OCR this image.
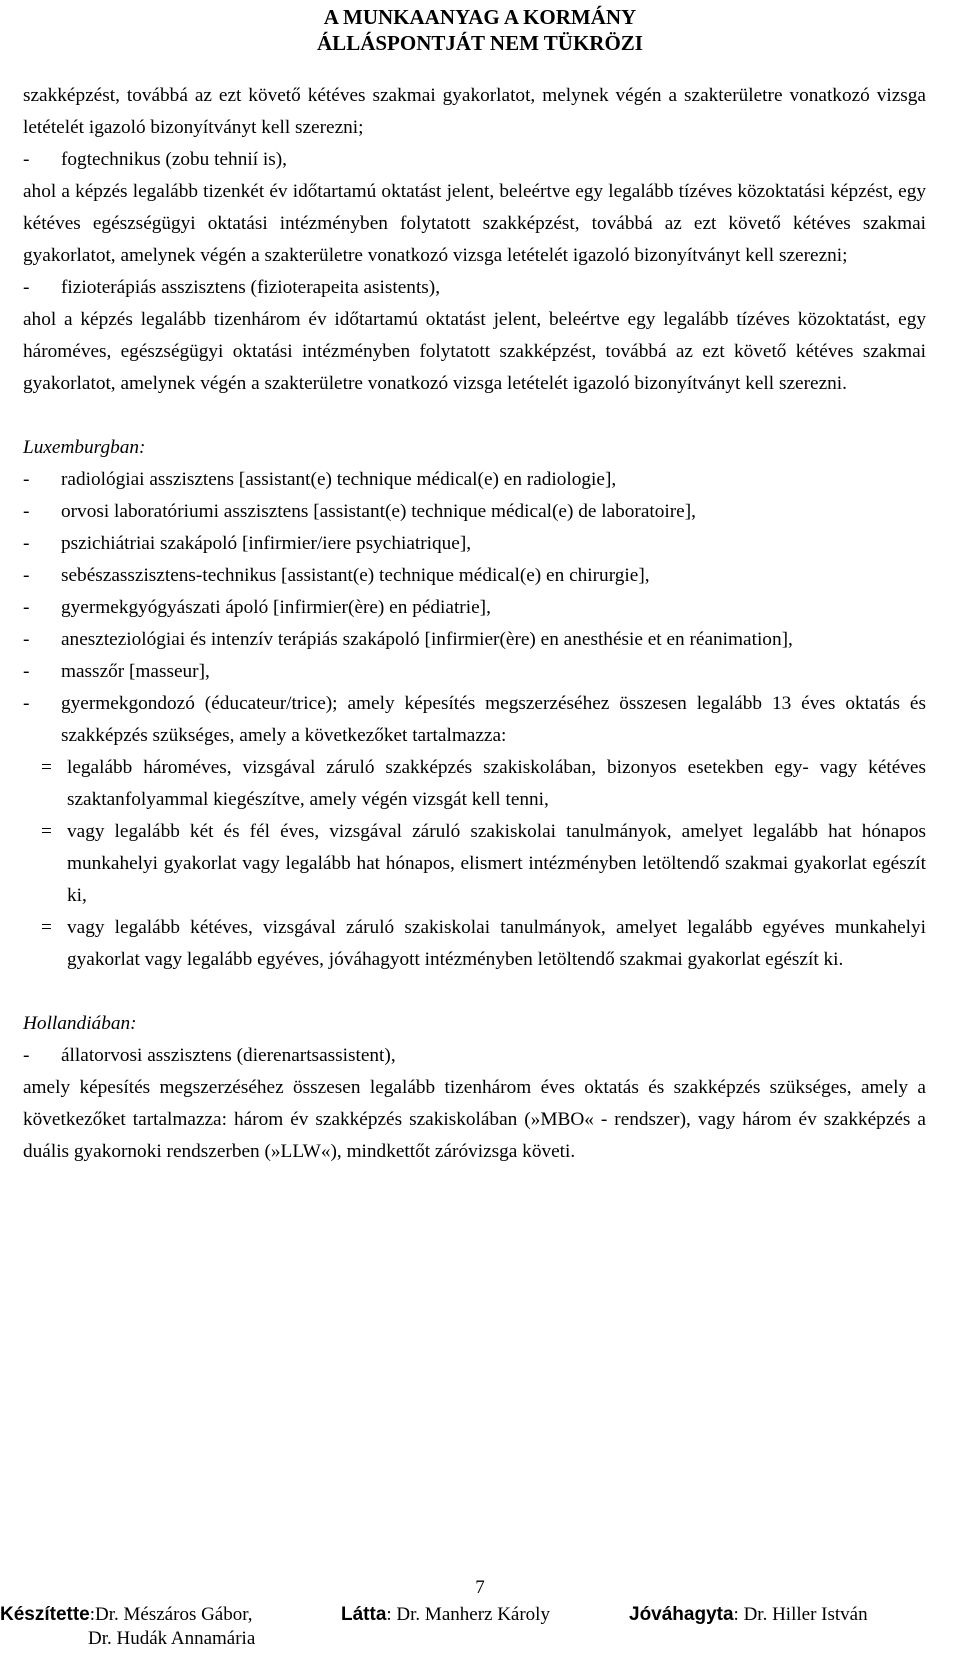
A MUNKAANYAG A KORMÁNY
ÁLLÁSPONTJÁT NEM TÜKRÖZI

szakképzést, továbbá az ezt követő kétéves szakmai gyakorlatot, melynek végén a szakterületre vonatkozó vizsga letételét igazoló bizonyítványt kell szerezni;

-	fogtechnikus (zobu tehnií is),

ahol a képzés legalább tizenkét év időtartamú oktatást jelent, beleértve egy legalább tízéves közoktatási képzést, egy kétéves egészségügyi oktatási intézményben folytatott szakképzést, továbbá az ezt követő kétéves szakmai gyakorlatot, amelynek végén a szakterületre vonatkozó vizsga letételét igazoló bizonyítványt kell szerezni;

-	fizioterápiás asszisztens (fizioterapeita asistents),

ahol a képzés legalább tizenhárom év időtartamú oktatást jelent, beleértve egy legalább tízéves közoktatást, egy hároméves, egészségügyi oktatási intézményben folytatott szakképzést, továbbá az ezt követő kétéves szakmai gyakorlatot, amelynek végén a szakterületre vonatkozó vizsga letételét igazoló bizonyítványt kell szerezni.

Luxemburgban:

-	radiológiai asszisztens [assistant(e) technique médical(e) en radiologie],
-	orvosi laboratóriumi asszisztens [assistant(e) technique médical(e) de laboratoire],
-	pszichiátriai szakápoló [infirmier/iere psychiatrique],
-	sebészasszisztens-technikus [assistant(e) technique médical(e) en chirurgie],
-	gyermekgyógyászati ápoló [infirmier(ère) en pédiatrie],
-	aneszteziológiai és intenzív terápiás szakápoló [infirmier(ère) en anesthésie et en réanimation],
-	masszőr [masseur],
-	gyermekgondozó (éducateur/trice); amely képesítés megszerzéséhez összesen legalább 13 éves oktatás és szakképzés szükséges, amely a következőket tartalmazza:
= legalább hároméves, vizsgával záruló szakképzés szakiskolában, bizonyos esetekben egy- vagy kétéves szaktanfolyammal kiegészítve, amely végén vizsgát kell tenni,
= vagy legalább két és fél éves, vizsgával záruló szakiskolai tanulmányok, amelyet legalább hat hónapos munkahelyi gyakorlat vagy legalább hat hónapos, elismert intézményben letöltendő szakmai gyakorlat egészít ki,
= vagy legalább kétéves, vizsgával záruló szakiskolai tanulmányok, amelyet legalább egyéves munkahelyi gyakorlat vagy legalább egyéves, jóváhagyott intézményben letöltendő szakmai gyakorlat egészít ki.

Hollandiában:

-	állatorvosi asszisztens (dierenartsassistent),

amely képesítés megszerzéséhez összesen legalább tizenhárom éves oktatás és szakképzés szükséges, amely a következőket tartalmazza: három év szakképzés szakiskolában (»MBO« - rendszer), vagy három év szakképzés a duális gyakornoki rendszerben (»LLW«), mindkettőt záróvizsga követi.

7
Készítette:Dr. Mészáros Gábor,
Dr. Hudák Annamária
Látta: Dr. Manherz Károly	Jóváhagyta: Dr. Hiller István
